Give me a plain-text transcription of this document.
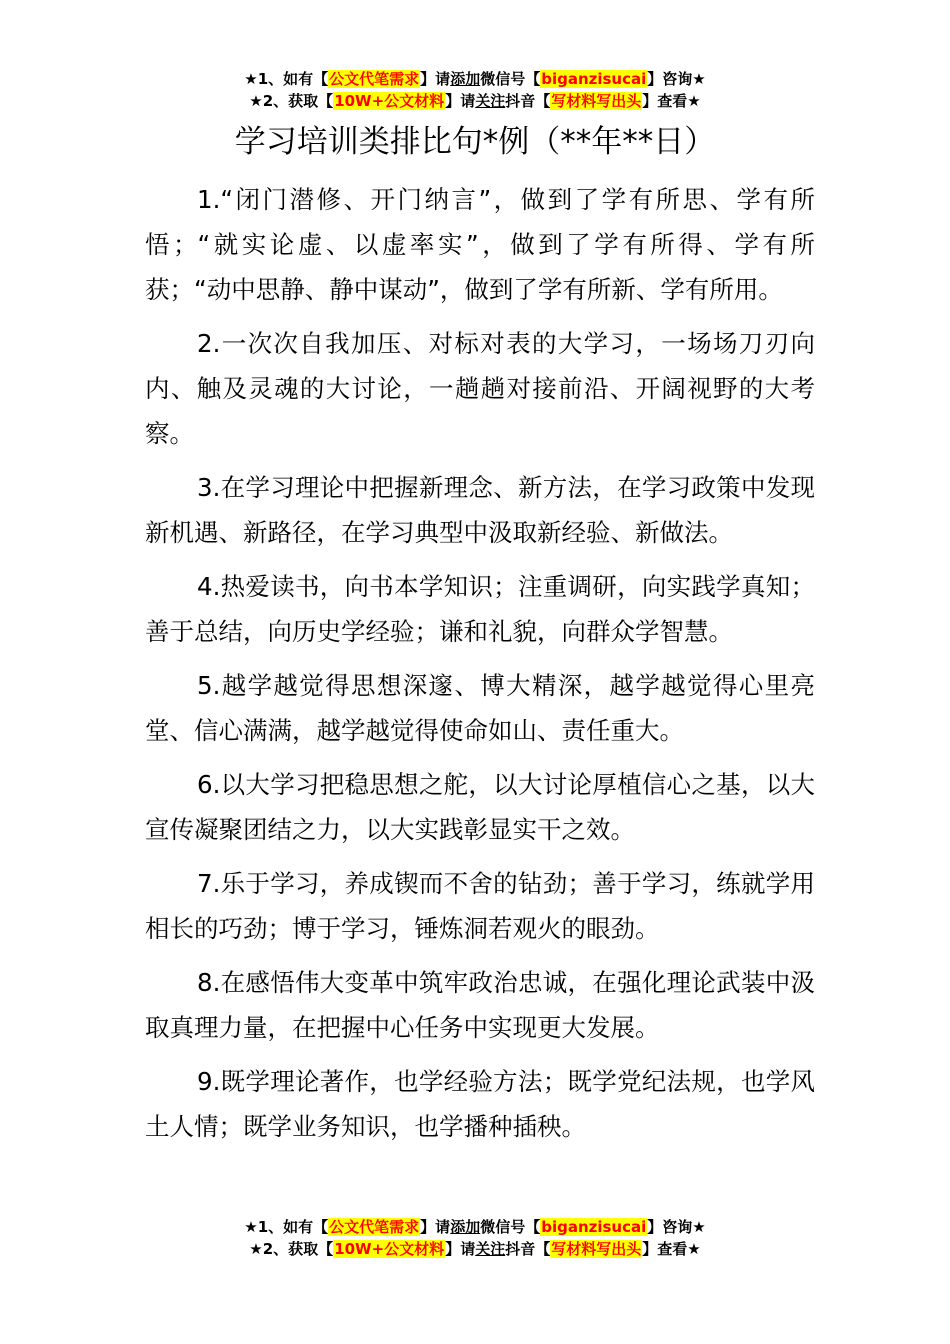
★1、如有【公文代笔需求】请添加微信号【biganzisucai】咨询★
★2、获取【10W+公文材料】请关注抖音【写材料写出头】查看★
学习培训类排比句*例（**年**日）

1.“闭门潜修、开门纳言”，做到了学有所思、学有所悟；“就实论虚、以虚率实”，做到了学有所得、学有所获；“动中思静、静中谋动”，做到了学有所新、学有所用。

2.一次次自我加压、对标对表的大学习，一场场刀刃向内、触及灵魂的大讨论，一趟趟对接前沿、开阔视野的大考察。

3.在学习理论中把握新理念、新方法，在学习政策中发现新机遇、新路径，在学习典型中汲取新经验、新做法。

4.热爱读书，向书本学知识；注重调研，向实践学真知；善于总结，向历史学经验；谦和礼貌，向群众学智慧。

5.越学越觉得思想深邃、博大精深，越学越觉得心里亮堂、信心满满，越学越觉得使命如山、责任重大。

6.以大学习把稳思想之舵，以大讨论厚植信心之基，以大宣传凝聚团结之力，以大实践彰显实干之效。

7.乐于学习，养成锲而不舍的钻劲；善于学习，练就学用相长的巧劲；博于学习，锤炼洞若观火的眼劲。

8.在感悟伟大变革中筑牢政治忠诚，在强化理论武装中汲取真理力量，在把握中心任务中实现更大发展。

9.既学理论著作，也学经验方法；既学党纪法规，也学风土人情；既学业务知识，也学播种插秧。

★1、如有【公文代笔需求】请添加微信号【biganzisucai】咨询★
★2、获取【10W+公文材料】请关注抖音【写材料写出头】查看★
